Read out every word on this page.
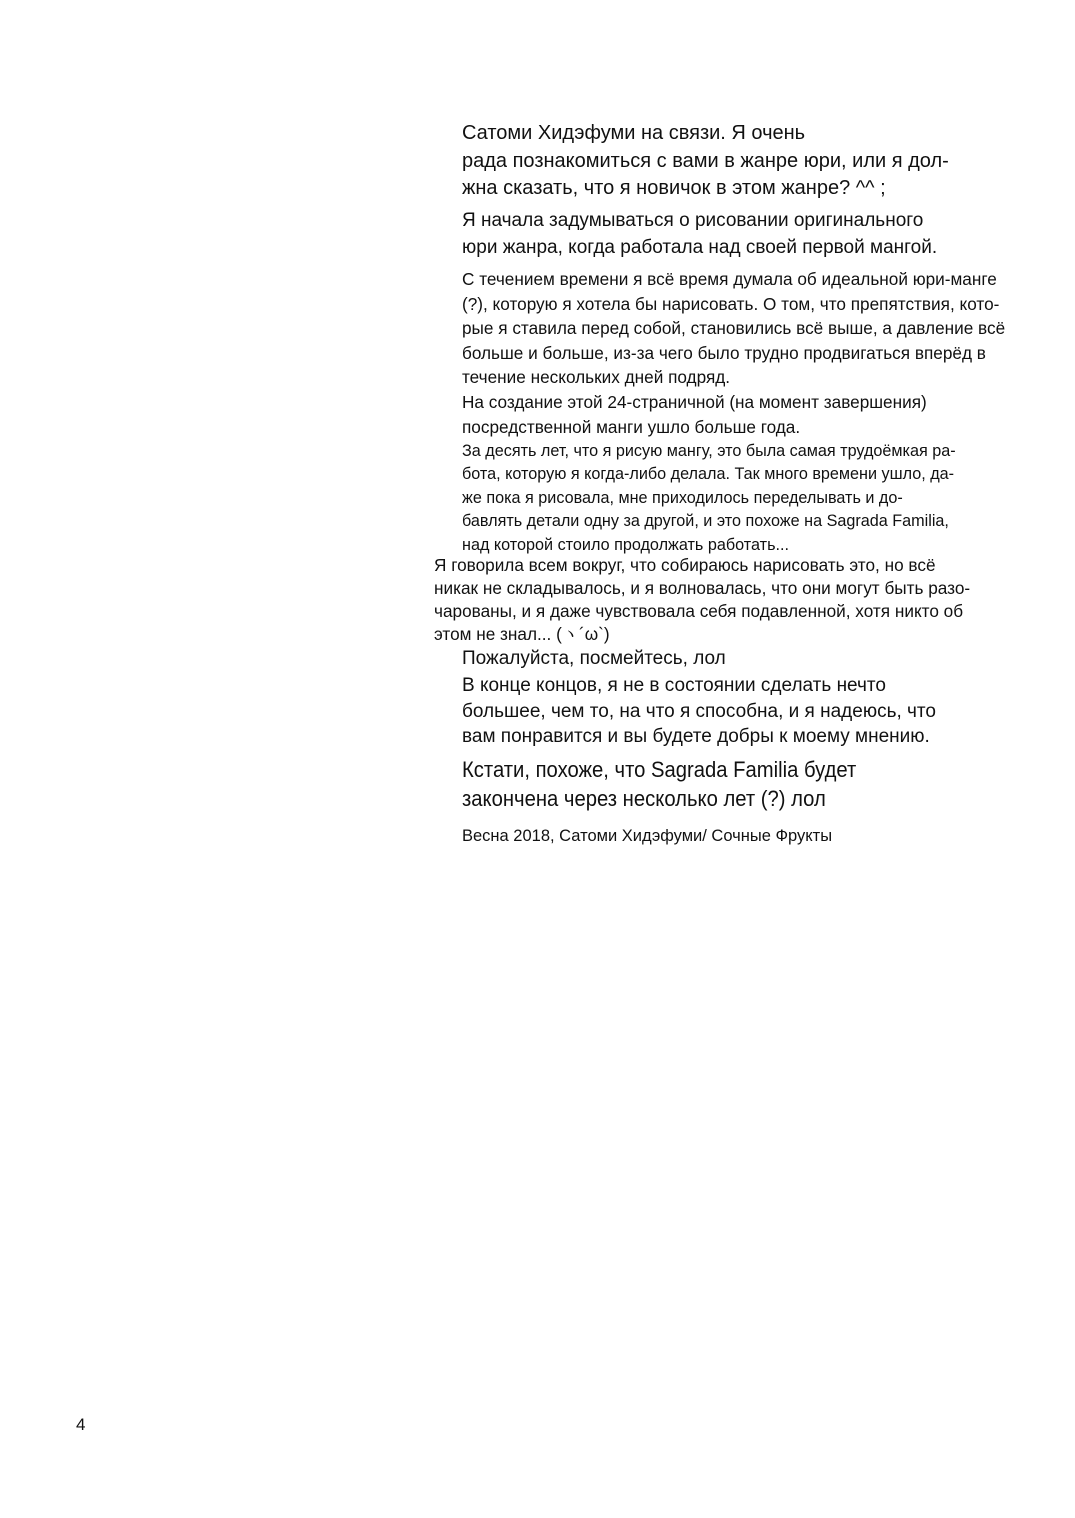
Сатоми Хидэфуми на связи. Я очень
рада познакомиться с вами в жанре юри, или я дол-
жна сказать, что я новичок в этом жанре? ^^ ;
Я начала задумываться о рисовании оригинального
юри жанра, когда работала над своей первой мангой.
С течением времени я всё время думала об идеальной юри-манге
(?), которую я хотела бы нарисовать. О том, что препятствия, кото-
рые я ставила перед собой, становились всё выше, а давление всё
больше и больше, из-за чего было трудно продвигаться вперёд в
течение нескольких дней подряд.
На создание этой 24-страничной (на момент завершения)
посредственной манги ушло больше года.
За десять лет, что я рисую мангу, это была самая трудоёмкая ра-
бота, которую я когда-либо делала. Так много времени ушло, да-
же пока я рисовала, мне приходилось переделывать и до-
бавлять детали одну за другой, и это похоже на Sagrada Familia,
над которой стоило продолжать работать...
Я говорила всем вокруг, что собираюсь нарисовать это, но всё
никак не складывалось, и я волновалась, что они могут быть разо-
чарованы, и я даже чувствовала себя подавленной, хотя никто об
этом не знал... (ヽ´ω`)
Пожалуйста, посмейтесь, лол
В конце концов, я не в состоянии сделать нечто
большее, чем то, на что я способна, и я надеюсь, что
вам понравится и вы будете добры к моему мнению.
Кстати, похоже, что Sagrada Familia будет
закончена через несколько лет (?) лол
Весна 2018, Сатоми Хидэфуми/ Сочные Фрукты

4
